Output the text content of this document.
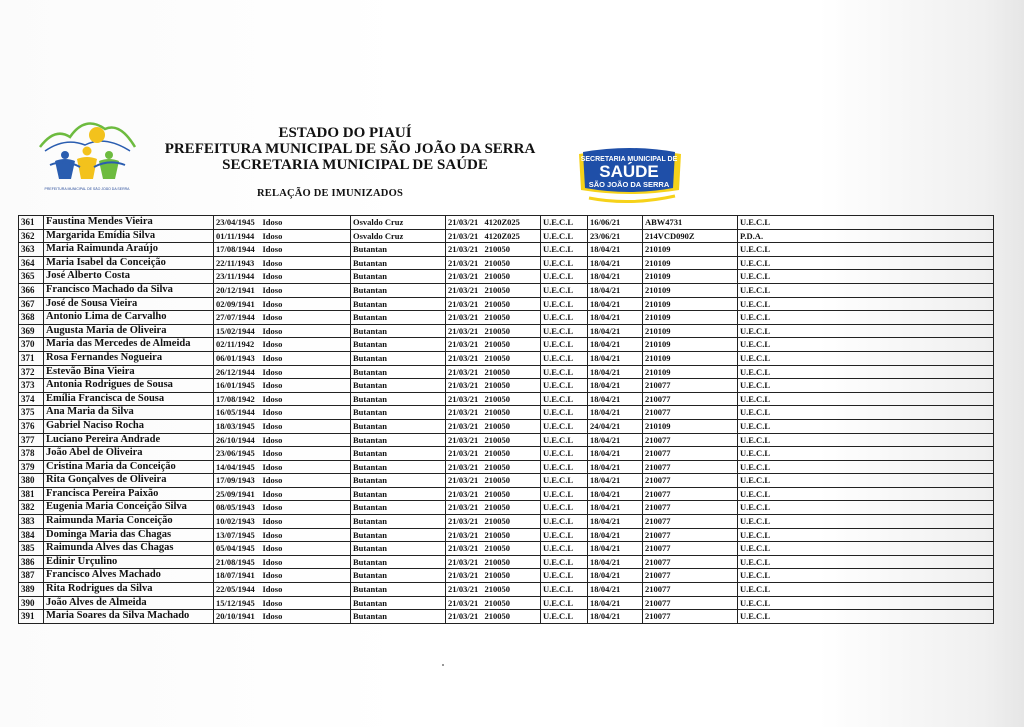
PREFEITURA MUNICIPAL DE SÃO JOÃO DA SERRA
ESTADO DO PIAUÍ
PREFEITURA MUNICIPAL DE SÃO JOÃO DA SERRA
SECRETARIA MUNICIPAL DE SAÚDE
RELAÇÃO DE IMUNIZADOS
SECRETARIA MUNICIPAL DE
SAÚDE
SÃO JOÃO DA SERRA
361	Faustina Mendes Vieira	23/04/1945	Idoso	Osvaldo Cruz	21/03/21	4120Z025	U.E.C.L	16/06/21	ABW4731	U.E.C.L
362	Margarida Emídia Silva	01/11/1944	Idoso	Osvaldo Cruz	21/03/21	4120Z025	U.E.C.L	23/06/21	214VCD090Z	P.D.A.
363	Maria Raimunda Araújo	17/08/1944	Idoso	Butantan	21/03/21	210050	U.E.C.L	18/04/21	210109	U.E.C.L
364	Maria Isabel da Conceição	22/11/1943	Idoso	Butantan	21/03/21	210050	U.E.C.L	18/04/21	210109	U.E.C.L
365	José Alberto Costa	23/11/1944	Idoso	Butantan	21/03/21	210050	U.E.C.L	18/04/21	210109	U.E.C.L
366	Francisco Machado da Silva	20/12/1941	Idoso	Butantan	21/03/21	210050	U.E.C.L	18/04/21	210109	U.E.C.L
367	José de Sousa Vieira	02/09/1941	Idoso	Butantan	21/03/21	210050	U.E.C.L	18/04/21	210109	U.E.C.L
368	Antonio Lima de Carvalho	27/07/1944	Idoso	Butantan	21/03/21	210050	U.E.C.L	18/04/21	210109	U.E.C.L
369	Augusta Maria de Oliveira	15/02/1944	Idoso	Butantan	21/03/21	210050	U.E.C.L	18/04/21	210109	U.E.C.L
370	Maria das Mercedes de Almeida	02/11/1942	Idoso	Butantan	21/03/21	210050	U.E.C.L	18/04/21	210109	U.E.C.L
371	Rosa Fernandes Nogueira	06/01/1943	Idoso	Butantan	21/03/21	210050	U.E.C.L	18/04/21	210109	U.E.C.L
372	Estevão Bina Vieira	26/12/1944	Idoso	Butantan	21/03/21	210050	U.E.C.L	18/04/21	210109	U.E.C.L
373	Antonia Rodrigues de Sousa	16/01/1945	Idoso	Butantan	21/03/21	210050	U.E.C.L	18/04/21	210077	U.E.C.L
374	Emília Francisca de Sousa	17/08/1942	Idoso	Butantan	21/03/21	210050	U.E.C.L	18/04/21	210077	U.E.C.L
375	Ana Maria da Silva	16/05/1944	Idoso	Butantan	21/03/21	210050	U.E.C.L	18/04/21	210077	U.E.C.L
376	Gabriel Naciso Rocha	18/03/1945	Idoso	Butantan	21/03/21	210050	U.E.C.L	24/04/21	210109	U.E.C.L
377	Luciano Pereira Andrade	26/10/1944	Idoso	Butantan	21/03/21	210050	U.E.C.L	18/04/21	210077	U.E.C.L
378	João Abel de Oliveira	23/06/1945	Idoso	Butantan	21/03/21	210050	U.E.C.L	18/04/21	210077	U.E.C.L
379	Cristina Maria da Conceição	14/04/1945	Idoso	Butantan	21/03/21	210050	U.E.C.L	18/04/21	210077	U.E.C.L
380	Rita Gonçalves de Oliveira	17/09/1943	Idoso	Butantan	21/03/21	210050	U.E.C.L	18/04/21	210077	U.E.C.L
381	Francisca Pereira Paixão	25/09/1941	Idoso	Butantan	21/03/21	210050	U.E.C.L	18/04/21	210077	U.E.C.L
382	Eugenia Maria Conceição Silva	08/05/1943	Idoso	Butantan	21/03/21	210050	U.E.C.L	18/04/21	210077	U.E.C.L
383	Raimunda Maria Conceição	10/02/1943	Idoso	Butantan	21/03/21	210050	U.E.C.L	18/04/21	210077	U.E.C.L
384	Dominga Maria das Chagas	13/07/1945	Idoso	Butantan	21/03/21	210050	U.E.C.L	18/04/21	210077	U.E.C.L
385	Raimunda Alves das Chagas	05/04/1945	Idoso	Butantan	21/03/21	210050	U.E.C.L	18/04/21	210077	U.E.C.L
386	Edinir Urçulino	21/08/1945	Idoso	Butantan	21/03/21	210050	U.E.C.L	18/04/21	210077	U.E.C.L
387	Francisco Alves Machado	18/07/1941	Idoso	Butantan	21/03/21	210050	U.E.C.L	18/04/21	210077	U.E.C.L
389	Rita Rodrigues da Silva	22/05/1944	Idoso	Butantan	21/03/21	210050	U.E.C.L	18/04/21	210077	U.E.C.L
390	João Alves de Almeida	15/12/1945	Idoso	Butantan	21/03/21	210050	U.E.C.L	18/04/21	210077	U.E.C.L
391	Maria Soares da Silva Machado	20/10/1941	Idoso	Butantan	21/03/21	210050	U.E.C.L	18/04/21	210077	U.E.C.L
